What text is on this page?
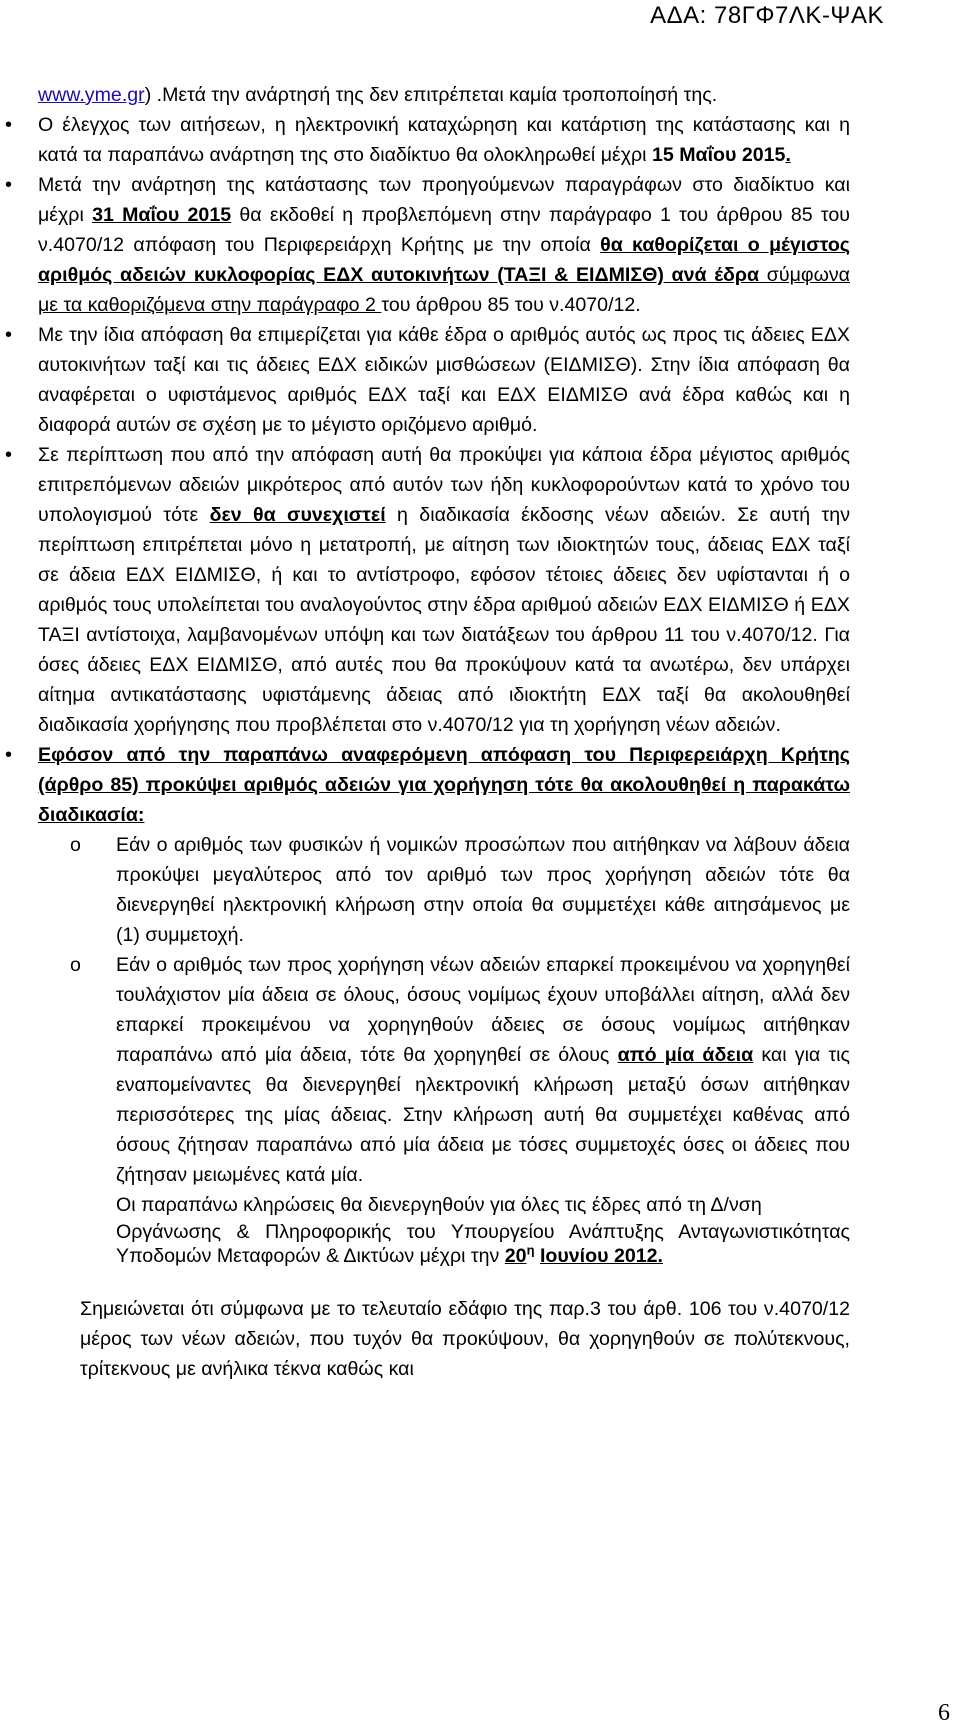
ΑΔΑ: 78ΓΦ7ΛΚ-ΨΑΚ

www.yme.gr) .Μετά την ανάρτησή της δεν επιτρέπεται καμία τροποποίησή της.

• Ο έλεγχος των αιτήσεων, η ηλεκτρονική καταχώρηση και κατάρτιση της κατάστασης και η κατά τα παραπάνω ανάρτηση της στο διαδίκτυο θα ολοκληρωθεί μέχρι 15 Μαΐου 2015.
• Μετά την ανάρτηση της κατάστασης των προηγούμενων παραγράφων στο διαδίκτυο και μέχρι 31 Μαΐου 2015 θα εκδοθεί η προβλεπόμενη στην παράγραφο 1 του άρθρου 85 του ν.4070/12 απόφαση του Περιφερειάρχη Κρήτης με την οποία θα καθορίζεται ο μέγιστος αριθμός αδειών κυκλοφορίας ΕΔΧ αυτοκινήτων (ΤΑΞΙ & ΕΙΔΜΙΣΘ) ανά έδρα σύμφωνα με τα καθοριζόμενα στην παράγραφο 2 του άρθρου 85 του ν.4070/12.
• Με την ίδια απόφαση θα επιμερίζεται για κάθε έδρα ο αριθμός αυτός ως προς τις άδειες ΕΔΧ αυτοκινήτων ταξί και τις άδειες ΕΔΧ ειδικών μισθώσεων (ΕΙΔΜΙΣΘ). Στην ίδια απόφαση θα αναφέρεται ο υφιστάμενος αριθμός ΕΔΧ ταξί και ΕΔΧ ΕΙΔΜΙΣΘ ανά έδρα καθώς και η διαφορά αυτών σε σχέση με το μέγιστο οριζόμενο αριθμό.
• Σε περίπτωση που από την απόφαση αυτή θα προκύψει για κάποια έδρα μέγιστος αριθμός επιτρεπόμενων αδειών μικρότερος από αυτόν των ήδη κυκλοφορούντων κατά το χρόνο του υπολογισμού τότε δεν θα συνεχιστεί η διαδικασία έκδοσης νέων αδειών. Σε αυτή την περίπτωση επιτρέπεται μόνο η μετατροπή, με αίτηση των ιδιοκτητών τους, άδειας ΕΔΧ ταξί σε άδεια ΕΔΧ ΕΙΔΜΙΣΘ, ή και το αντίστροφο, εφόσον τέτοιες άδειες δεν υφίστανται ή ο αριθμός τους υπολείπεται του αναλογούντος στην έδρα αριθμού αδειών ΕΔΧ ΕΙΔΜΙΣΘ ή ΕΔΧ ΤΑΞΙ αντίστοιχα, λαμβανομένων υπόψη και των διατάξεων του άρθρου 11 του ν.4070/12. Για όσες άδειες ΕΔΧ ΕΙΔΜΙΣΘ, από αυτές που θα προκύψουν κατά τα ανωτέρω, δεν υπάρχει αίτημα αντικατάστασης υφιστάμενης άδειας από ιδιοκτήτη ΕΔΧ ταξί θα ακολουθηθεί διαδικασία χορήγησης που προβλέπεται στο ν.4070/12 για τη χορήγηση νέων αδειών.
• Εφόσον από την παραπάνω αναφερόμενη απόφαση του Περιφερειάρχη Κρήτης (άρθρο 85) προκύψει αριθμός αδειών για χορήγηση τότε θα ακολουθηθεί η παρακάτω διαδικασία:
o Εάν ο αριθμός των φυσικών ή νομικών προσώπων που αιτήθηκαν να λάβουν άδεια προκύψει μεγαλύτερος από τον αριθμό των προς χορήγηση αδειών τότε θα διενεργηθεί ηλεκτρονική κλήρωση στην οποία θα συμμετέχει κάθε αιτησάμενος με (1) συμμετοχή.
o Εάν ο αριθμός των προς χορήγηση νέων αδειών επαρκεί προκειμένου να χορηγηθεί τουλάχιστον μία άδεια σε όλους, όσους νομίμως έχουν υποβάλλει αίτηση, αλλά δεν επαρκεί προκειμένου να χορηγηθούν άδειες σε όσους νομίμως αιτήθηκαν παραπάνω από μία άδεια, τότε θα χορηγηθεί σε όλους από μία άδεια και για τις εναπομείναντες θα διενεργηθεί ηλεκτρονική κλήρωση μεταξύ όσων αιτήθηκαν περισσότερες της μίας άδειας. Στην κλήρωση αυτή θα συμμετέχει καθένας από όσους ζήτησαν παραπάνω από μία άδεια με τόσες συμμετοχές όσες οι άδειες που ζήτησαν μειωμένες κατά μία.

Οι παραπάνω κληρώσεις θα διενεργηθούν για όλες τις έδρες από τη Δ/νση

Οργάνωσης & Πληροφορικής του Υπουργείου Ανάπτυξης Ανταγωνιστικότητας Υποδομών Μεταφορών & Δικτύων μέχρι την $20^\eta$ Ιουνίου 2012.

Σημειώνεται ότι σύμφωνα με το τελευταίο εδάφιο της παρ.3 του άρθ. 106 του ν.4070/12 μέρος των νέων αδειών, που τυχόν θα προκύψουν, θα χορηγηθούν σε πολύτεκνους, τρίτεκνους με ανήλικα τέκνα καθώς και

6
